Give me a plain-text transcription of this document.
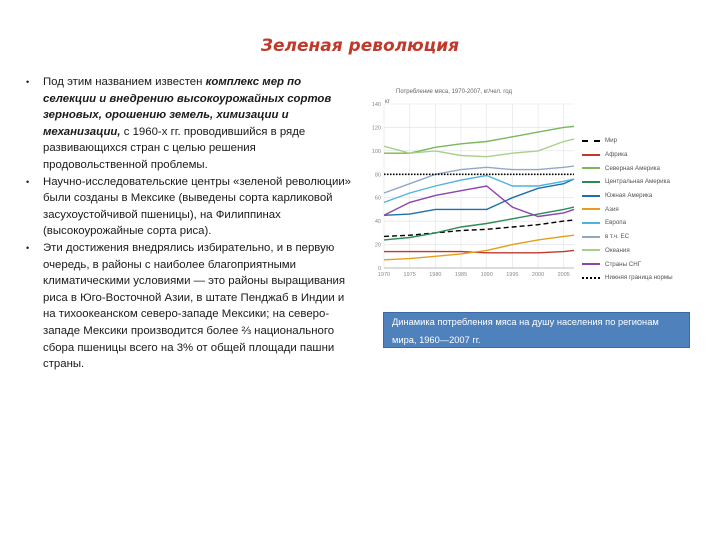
Зеленая революция
• Под этим названием известен комплекс мер по селекции и внедрению высокоурожайных сортов зерновых, орошению земель, химизации и механизации, с 1960-х гг. проводившийся в ряде развивающихся стран с целью решения продовольственной проблемы.
• Научно-исследовательские центры «зеленой революции» были созданы в Мексике (выведены сорта карликовой засухоустойчивой пшеницы), на Филиппинах (высокоурожайные сорта риса).
• Эти достижения внедрялись избирательно, и в первую очередь, в районы с наиболее благоприятными климатическими условиями — это районы выращивания риса в Юго-Восточной Азии, в штате Пенджаб в Индии и на тихоокеанском северо-западе Мексики; на северо-западе Мексики производится более ⅔ национального сбора пшеницы всего на 3% от общей площади пашни страны.
Потребление мяса, 1970-2007, кг/чел. год
кг
0
20
40
60
80
100
120
140
1970 1975 1980 1985 1990 1995 2000 2005
Мир
Африка
Северная Америка
Центральная Америка
Южная Америка
Азия
Европа
в т.ч. ЕС
Океания
Страны СНГ
Нижняя граница нормы
Динамика потребления мяса на душу населения по регионам мира, 1960—2007 гг.
